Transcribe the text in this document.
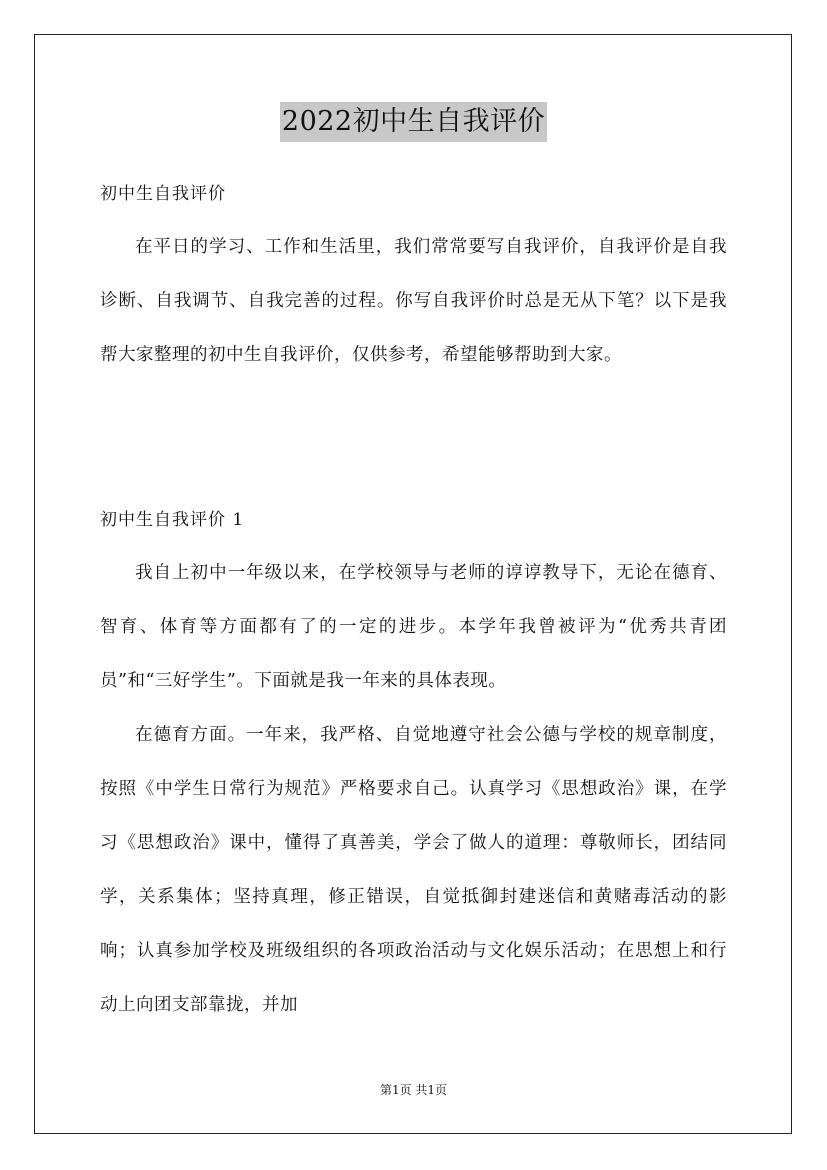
2022初中生自我评价
初中生自我评价
在平日的学习、工作和生活里，我们常常要写自我评价，自我评价是自我诊断、自我调节、自我完善的过程。你写自我评价时总是无从下笔？以下是我帮大家整理的初中生自我评价，仅供参考，希望能够帮助到大家。
初中生自我评价 1
我自上初中一年级以来，在学校领导与老师的谆谆教导下，无论在德育、智育、体育等方面都有了的一定的进步。本学年我曾被评为“优秀共青团员”和“三好学生”。下面就是我一年来的具体表现。
在德育方面。一年来，我严格、自觉地遵守社会公德与学校的规章制度，按照《中学生日常行为规范》严格要求自己。认真学习《思想政治》课，在学习《思想政治》课中，懂得了真善美，学会了做人的道理：尊敬师长，团结同学，关系集体；坚持真理，修正错误，自觉抵御封建迷信和黄赌毒活动的影响；认真参加学校及班级组织的各项政治活动与文化娱乐活动；在思想上和行动上向团支部靠拢，并加
第1页 共1页
